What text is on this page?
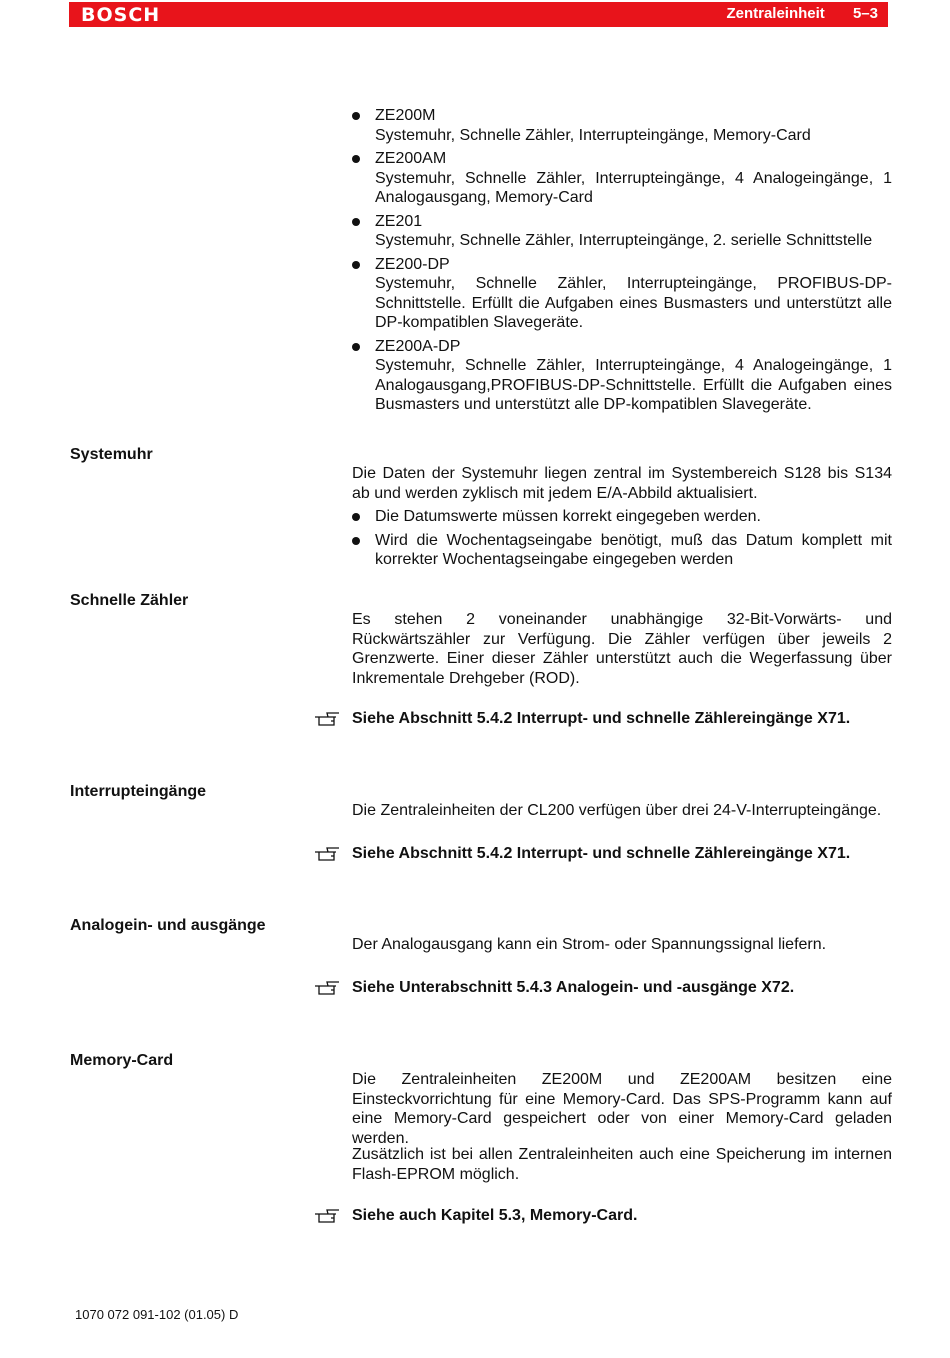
BOSCH	Zentraleinheit 5–3
ZE200M
Systemuhr, Schnelle Zähler, Interrupteingänge, Memory-Card
ZE200AM
Systemuhr, Schnelle Zähler, Interrupteingänge, 4 Analogeingänge, 1 Analogausgang, Memory-Card
ZE201
Systemuhr, Schnelle Zähler, Interrupteingänge, 2. serielle Schnittstelle
ZE200-DP
Systemuhr, Schnelle Zähler, Interrupteingänge, PROFIBUS-DP-Schnittstelle. Erfüllt die Aufgaben eines Busmasters und unterstützt alle DP-kompatiblen Slavegeräte.
ZE200A-DP
Systemuhr, Schnelle Zähler, Interrupteingänge, 4 Analogeingänge, 1 Analogausgang,PROFIBUS-DP-Schnittstelle. Erfüllt die Aufgaben eines Busmasters und unterstützt alle DP-kompatiblen Slavegeräte.
Systemuhr

Die Daten der Systemuhr liegen zentral im Systembereich S128 bis S134 ab und werden zyklisch mit jedem E/A-Abbild aktualisiert.

Die Datumswerte müssen korrekt eingegeben werden.
Wird die Wochentagseingabe benötigt, muß das Datum komplett mit korrekter Wochentagseingabe eingegeben werden
Schnelle Zähler

Es stehen 2 voneinander unabhängige 32-Bit-Vorwärts- und Rückwärtszähler zur Verfügung. Die Zähler verfügen über jeweils 2 Grenzwerte. Einer dieser Zähler unterstützt auch die Wegerfassung über Inkrementale Drehgeber (ROD).

Siehe Abschnitt 5.4.2 Interrupt- und schnelle Zählereingänge X71.
Interrupteingänge

Die Zentraleinheiten der CL200 verfügen über drei 24-V-Interrupteingänge.

Siehe Abschnitt 5.4.2 Interrupt- und schnelle Zählereingänge X71.
Analogein- und ausgänge

Der Analogausgang kann ein Strom- oder Spannungssignal liefern.

Siehe Unterabschnitt 5.4.3 Analogein- und -ausgänge X72.
Memory-Card

Die Zentraleinheiten ZE200M und ZE200AM besitzen eine Einsteckvorrichtung für eine Memory-Card. Das SPS-Programm kann auf eine Memory-Card gespeichert oder von einer Memory-Card geladen werden.

Zusätzlich ist bei allen Zentraleinheiten auch eine Speicherung im internen Flash-EPROM möglich.

Siehe auch Kapitel 5.3, Memory-Card.
1070 072 091-102 (01.05) D
